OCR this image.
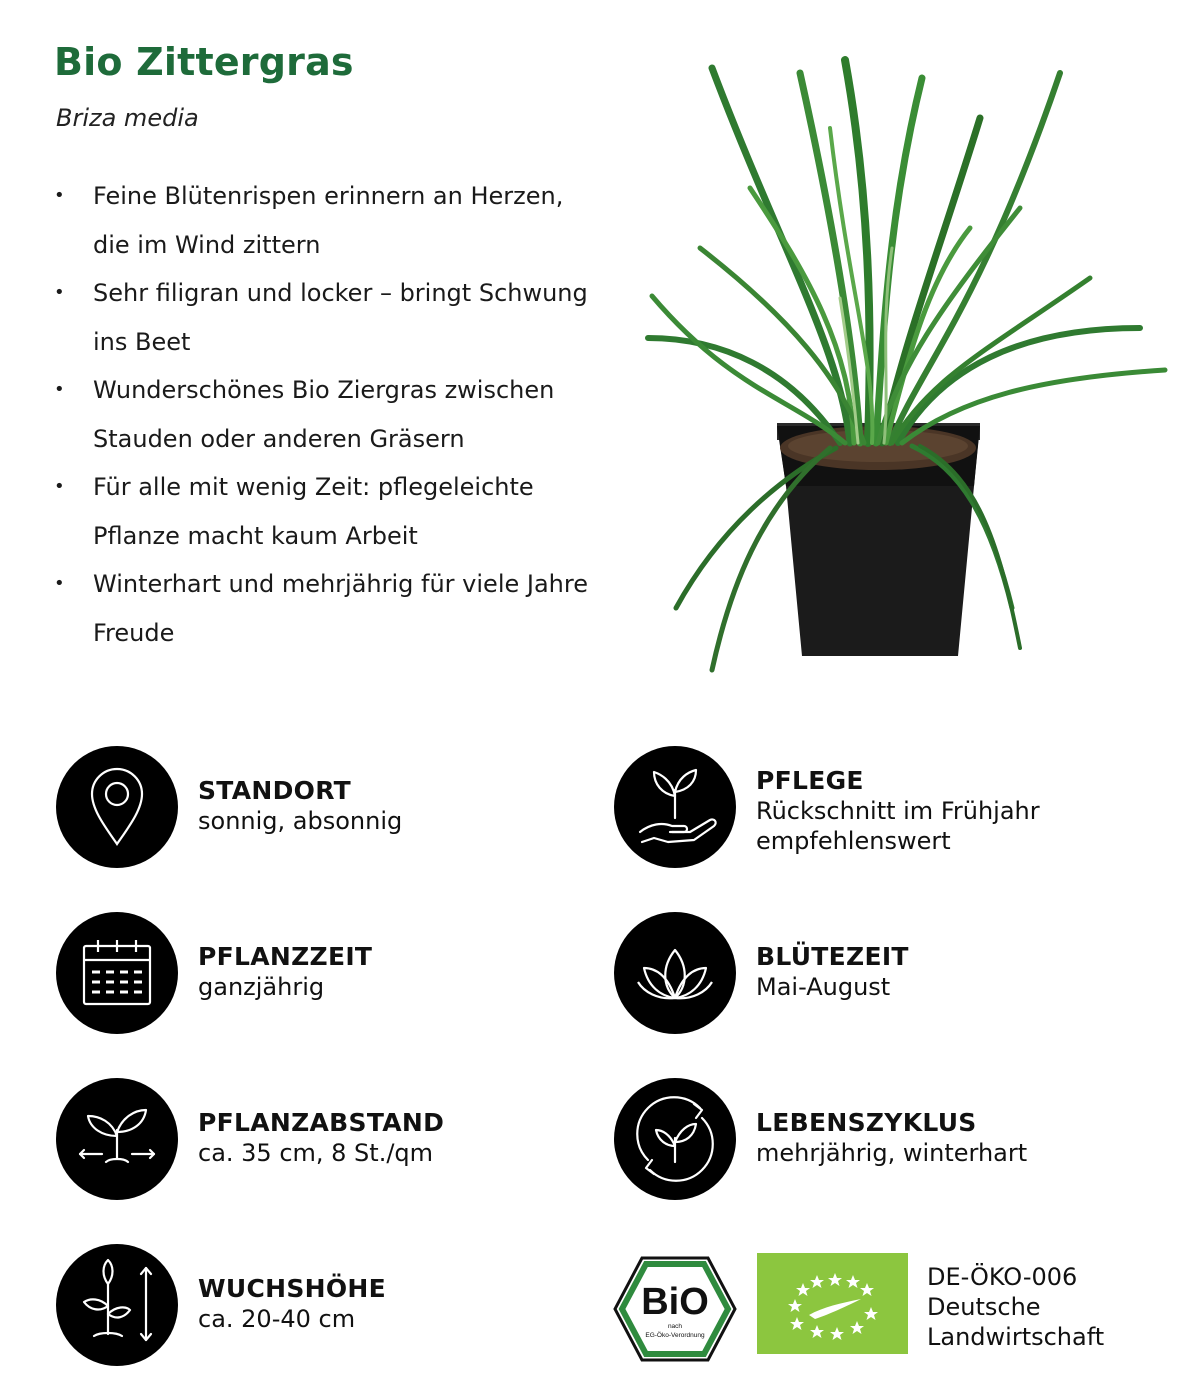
Bio Zittergras
Briza media
• Feine Blütenrispen erinnern an Herzen, die im Wind zittern
• Sehr filigran und locker – bringt Schwung ins Beet
• Wunderschönes Bio Ziergras zwischen Stauden oder anderen Gräsern
• Für alle mit wenig Zeit: pflegeleichte Pflanze macht kaum Arbeit
• Winterhart und mehrjährig für viele Jahre Freude
STANDORT
sonnig, absonnig
PFLEGE
Rückschnitt im Frühjahr
empfehlenswert
PFLANZZEIT
ganzjährig
BLÜTEZEIT
Mai-August
PFLANZABSTAND
ca. 35 cm, 8 St./qm
LEBENSZYKLUS
mehrjährig, winterhart
WUCHSHÖHE
ca. 20-40 cm	BiO
nach
EG-Öko-Verordnung
DE-ÖKO-006
Deutsche
Landwirtschaft
